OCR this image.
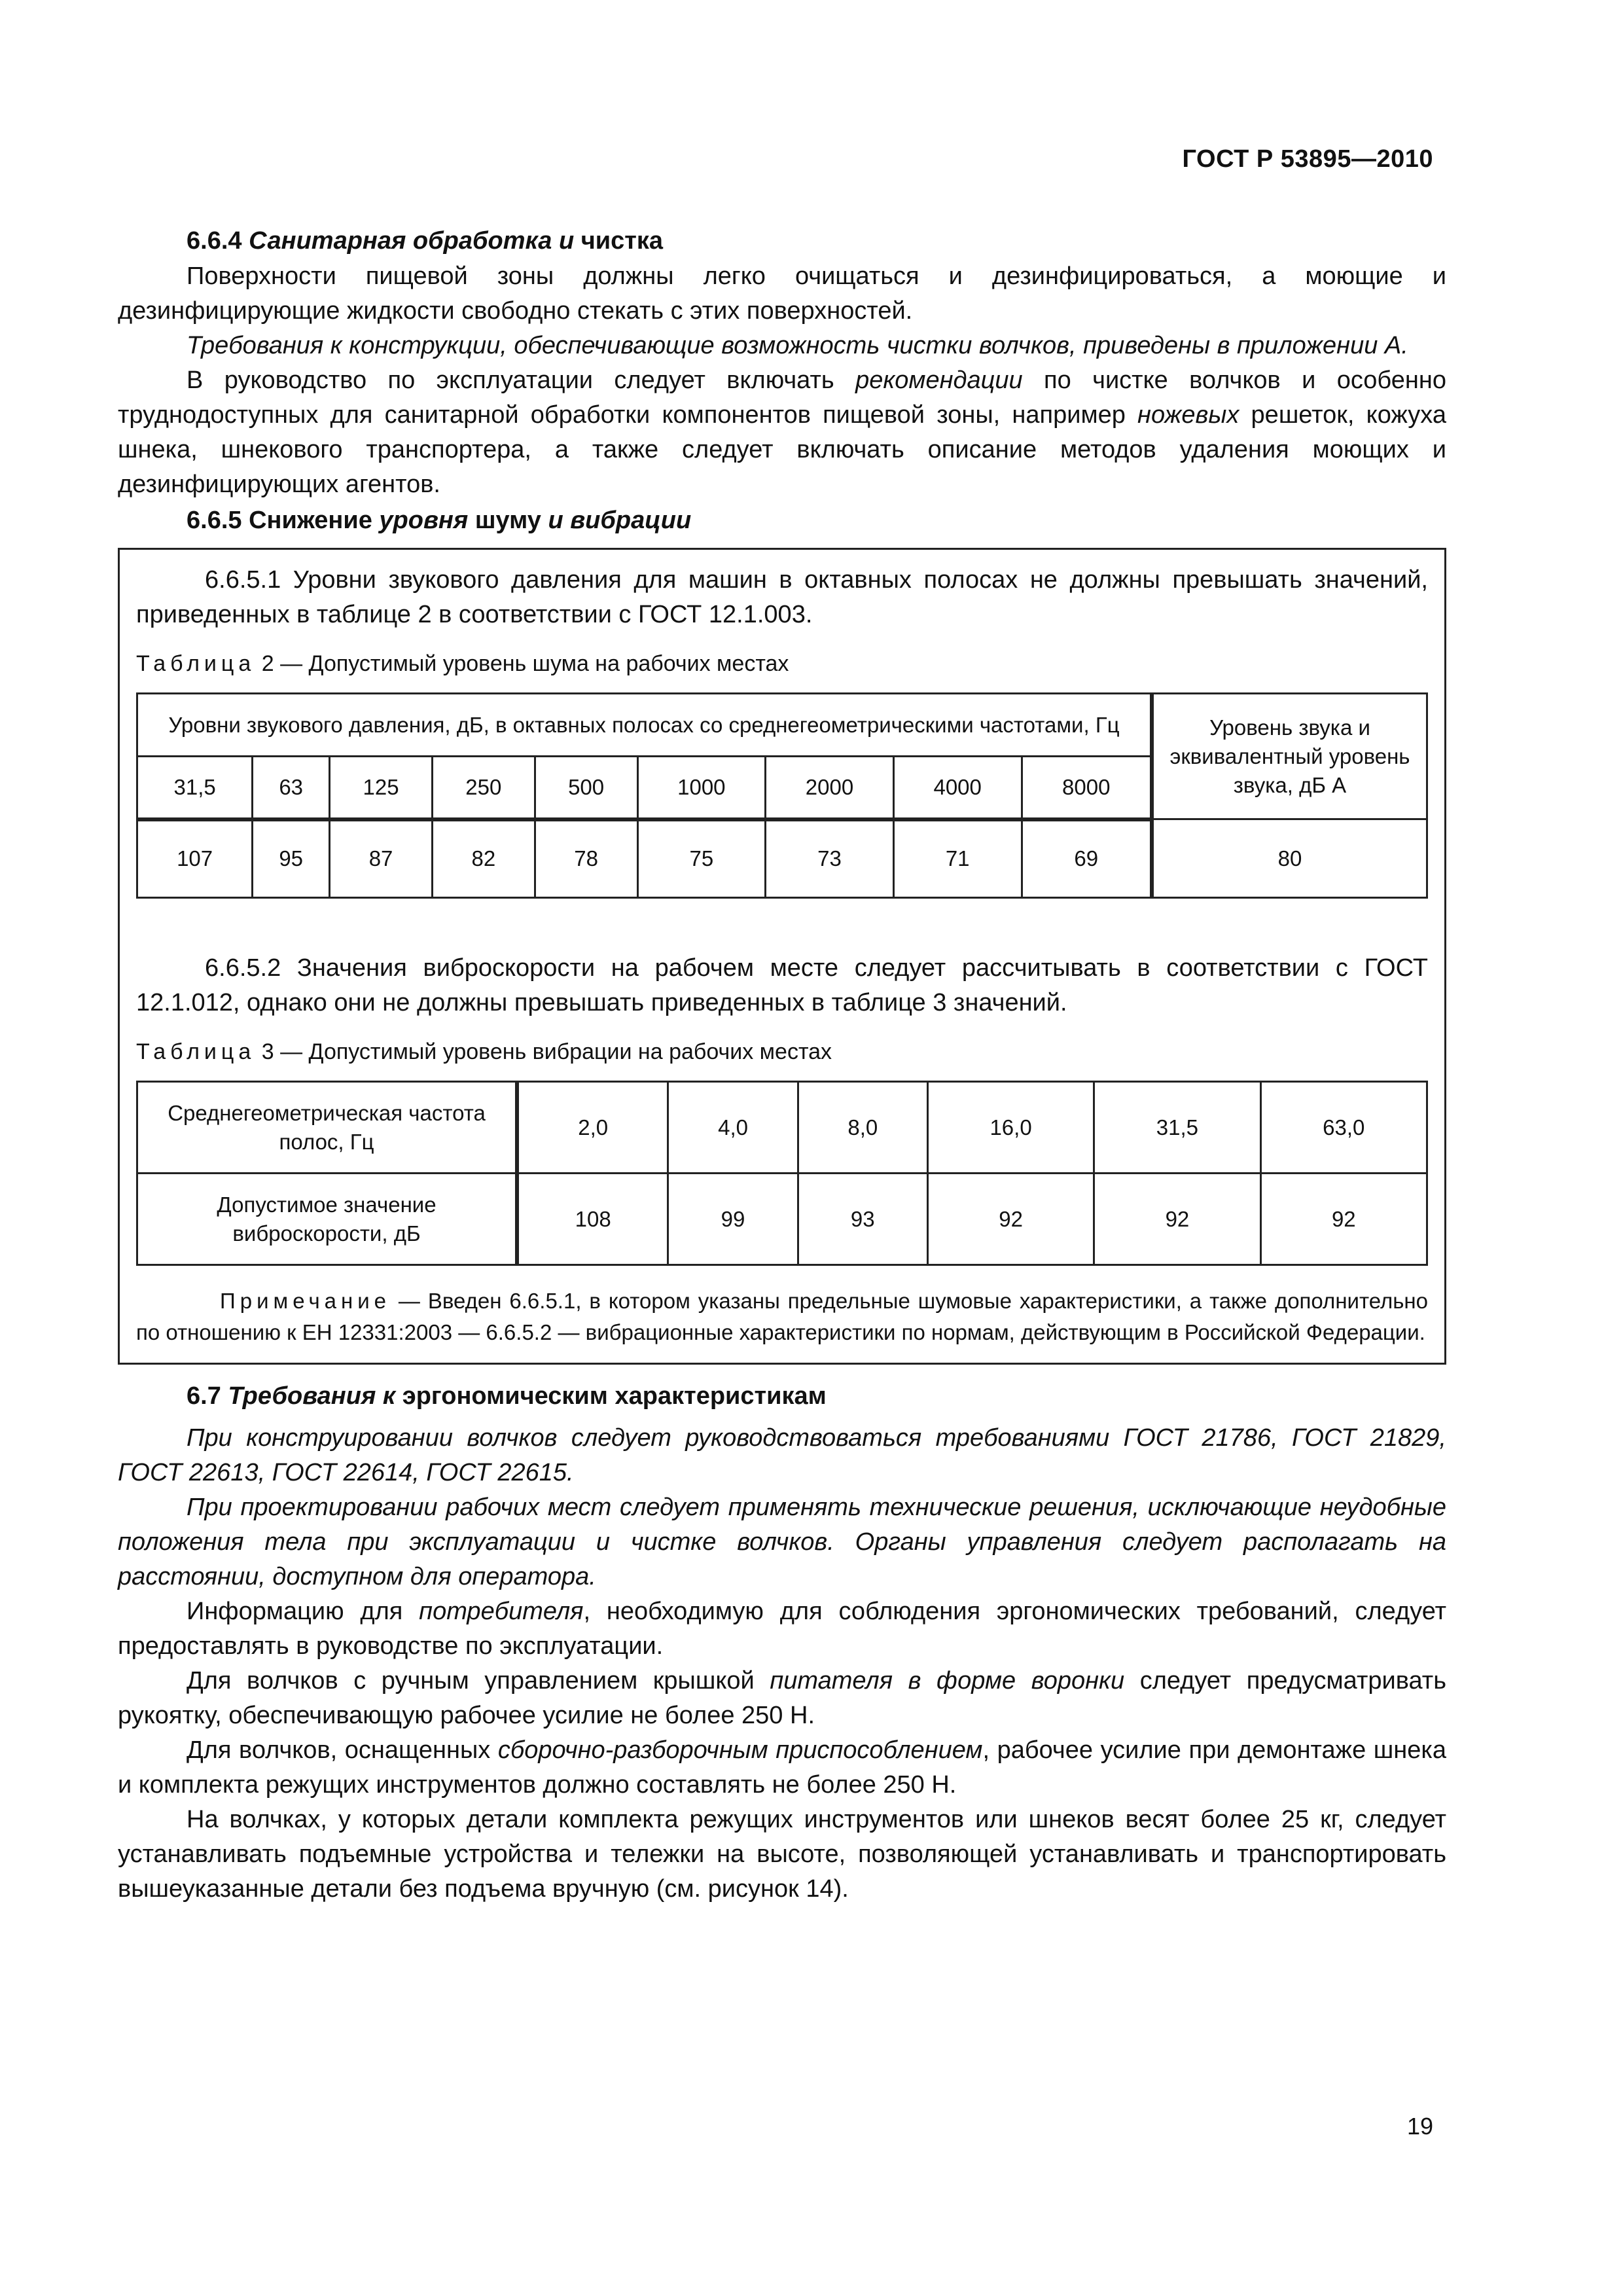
ГОСТ Р 53895—2010

6.6.4 Санитарная обработка и чистка

Поверхности пищевой зоны должны легко очищаться и дезинфицироваться, а моющие и дезинфицирующие жидкости свободно стекать с этих поверхностей.

Требования к конструкции, обеспечивающие возможность чистки волчков, приведены в приложении А.

В руководство по эксплуатации следует включать рекомендации по чистке волчков и особенно труднодоступных для санитарной обработки компонентов пищевой зоны, например ножевых решеток, кожуха шнека, шнекового транспортера, а также следует включать описание методов удаления моющих и дезинфицирующих агентов.

6.6.5 Снижение уровня шуму и вибрации

6.6.5.1 Уровни звукового давления для машин в октавных полосах не должны превышать значений, приведенных в таблице 2 в соответствии с ГОСТ 12.1.003.

Таблица 2 — Допустимый уровень шума на рабочих местах

Уровни звукового давления, дБ, в октавных полосах со среднегеометрическими частотами, Гц									Уровень звука и эквивалентный уровень звука, дБ А
31,5	63	125	250	500	1000	2000	4000	8000	
107	95	87	82	78	75	73	71	69	80

6.6.5.2 Значения виброскорости на рабочем месте следует рассчитывать в соответствии с ГОСТ 12.1.012, однако они не должны превышать приведенных в таблице 3 значений.

Таблица 3 — Допустимый уровень вибрации на рабочих местах

Среднегеометрическая частота полос, Гц	2,0	4,0	8,0	16,0	31,5	63,0
Допустимое значение виброскорости, дБ	108	99	93	92	92	92

Примечание — Введен 6.6.5.1, в котором указаны предельные шумовые характеристики, а также дополнительно по отношению к ЕН 12331:2003 — 6.6.5.2 — вибрационные характеристики по нормам, действующим в Российской Федерации.

6.7 Требования к эргономическим характеристикам

При конструировании волчков следует руководствоваться требованиями ГОСТ 21786, ГОСТ 21829, ГОСТ 22613, ГОСТ 22614, ГОСТ 22615.

При проектировании рабочих мест следует применять технические решения, исключающие неудобные положения тела при эксплуатации и чистке волчков. Органы управления следует располагать на расстоянии, доступном для оператора.

Информацию для потребителя, необходимую для соблюдения эргономических требований, следует предоставлять в руководстве по эксплуатации.

Для волчков с ручным управлением крышкой питателя в форме воронки следует предусматривать рукоятку, обеспечивающую рабочее усилие не более 250 Н.

Для волчков, оснащенных сборочно-разборочным приспособлением, рабочее усилие при демонтаже шнека и комплекта режущих инструментов должно составлять не более 250 Н.

На волчках, у которых детали комплекта режущих инструментов или шнеков весят более 25 кг, следует устанавливать подъемные устройства и тележки на высоте, позволяющей устанавливать и транспортировать вышеуказанные детали без подъема вручную (см. рисунок 14).

19
